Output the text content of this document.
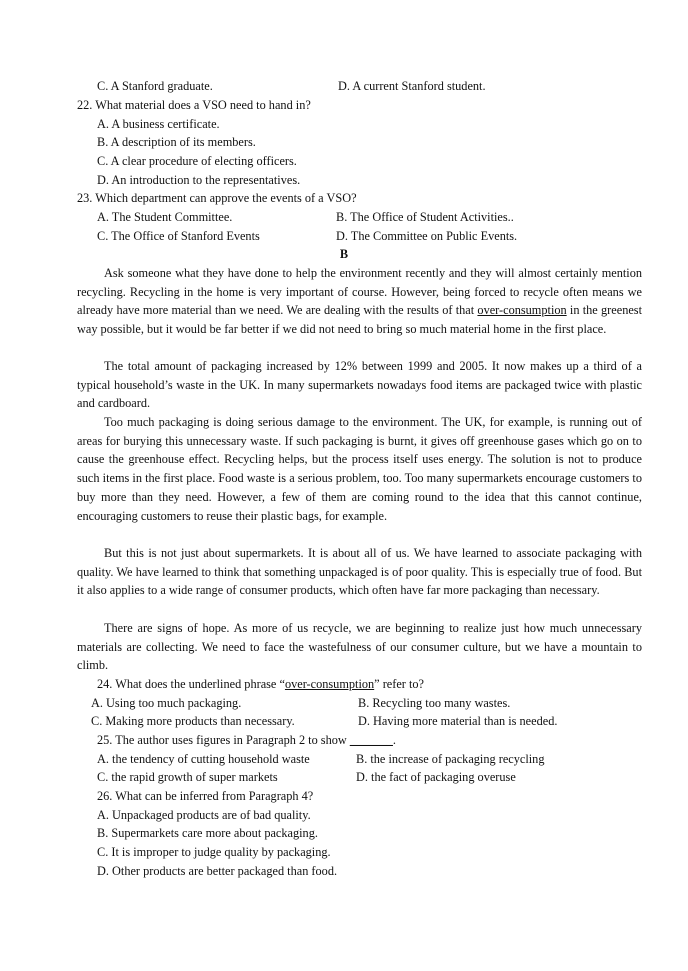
C. A Stanford graduate.	D. A current Stanford student.
22. What material does a VSO need to hand in?
A. A business certificate.
B. A description of its members.
C. A clear procedure of electing officers.
D. An introduction to the representatives.
23. Which department can approve the events of a VSO?
A. The Student Committee.	B. The Office of Student Activities..
C. The Office of Stanford Events	D. The Committee on Public Events.
B
Ask someone what they have done to help the environment recently and they will almost certainly mention recycling. Recycling in the home is very important of course. However, being forced to recycle often means we already have more material than we need. We are dealing with the results of that over-consumption in the greenest way possible, but it would be far better if we did not need to bring so much material home in the first place.
The total amount of packaging increased by 12% between 1999 and 2005. It now makes up a third of a typical household’s waste in the UK. In many supermarkets nowadays food items are packaged twice with plastic and cardboard.
Too much packaging is doing serious damage to the environment. The UK, for example, is running out of areas for burying this unnecessary waste. If such packaging is burnt, it gives off greenhouse gases which go on to cause the greenhouse effect. Recycling helps, but the process itself uses energy. The solution is not to produce such items in the first place. Food waste is a serious problem, too. Too many supermarkets encourage customers to buy more than they need. However, a few of them are coming round to the idea that this cannot continue, encouraging customers to reuse their plastic bags, for example.
But this is not just about supermarkets. It is about all of us. We have learned to associate packaging with quality. We have learned to think that something unpackaged is of poor quality. This is especially true of food. But it also applies to a wide range of consumer products, which often have far more packaging than necessary.
There are signs of hope. As more of us recycle, we are beginning to realize just how much unnecessary materials are collecting. We need to face the wastefulness of our consumer culture, but we have a mountain to climb.
24. What does the underlined phrase “over-consumption” refer to?
A. Using too much packaging.	B. Recycling too many wastes.
C. Making more products than necessary.	D. Having more material than is needed.
25. The author uses figures in Paragraph 2 to show _______.
A. the tendency of cutting household waste	B. the increase of packaging recycling
C. the rapid growth of super markets	D. the fact of packaging overuse
26. What can be inferred from Paragraph 4?
A. Unpackaged products are of bad quality.
B. Supermarkets care more about packaging.
C. It is improper to judge quality by packaging.
D. Other products are better packaged than food.
